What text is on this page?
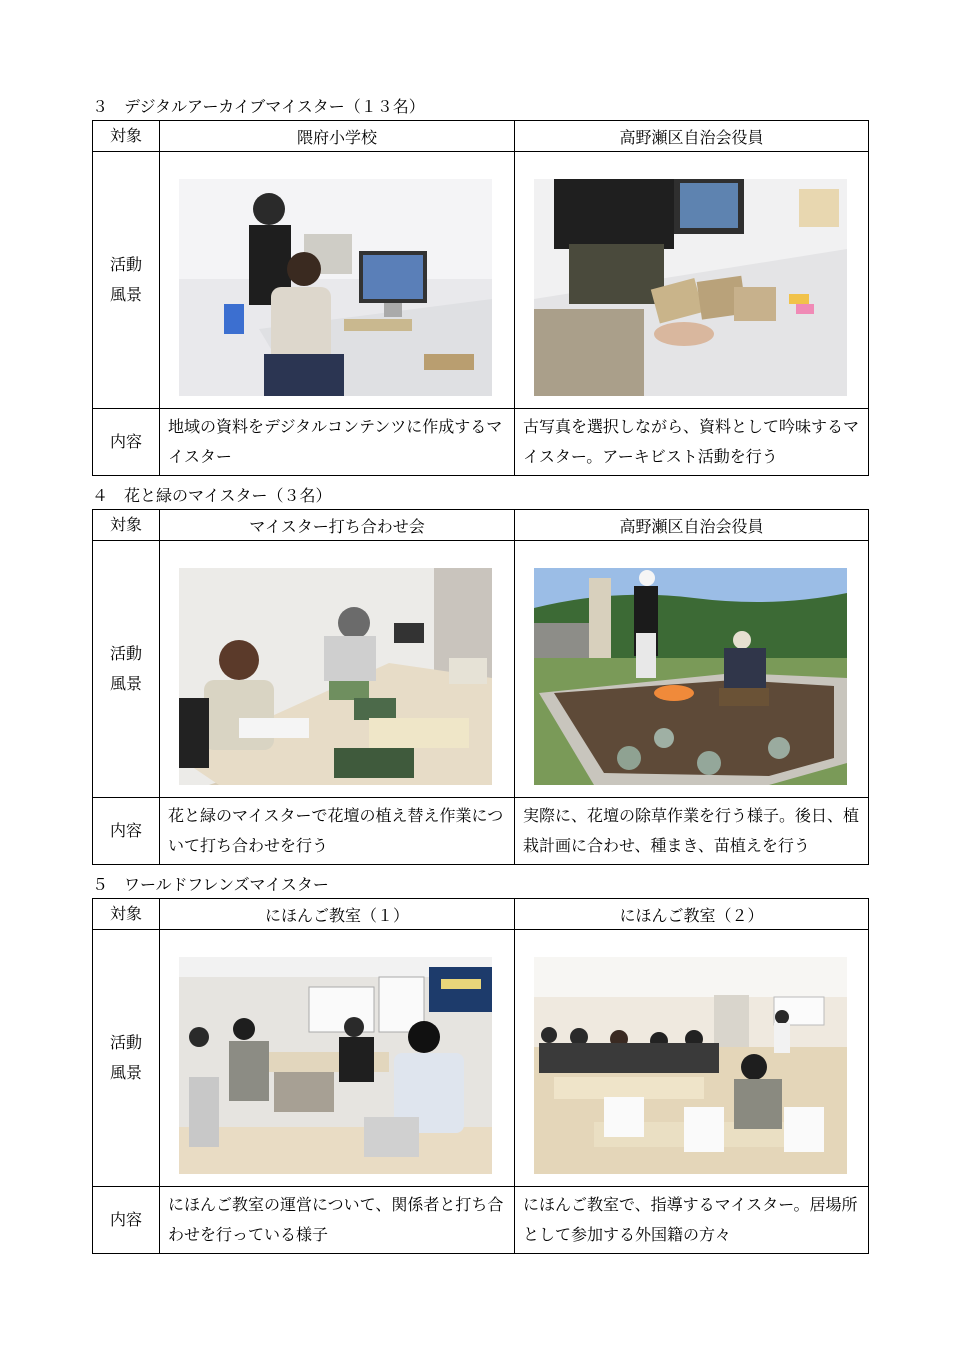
３　デジタルアーカイブマイスター（１３名）
対象	隈府小学校	高野瀬区自治会役員

活動
風景

内容	地域の資料をデジタルコンテンツに作成するマイスター	古写真を選択しながら、資料として吟味するマイスター。アーキビスト活動を行う
４　花と緑のマイスター（３名）
対象	マイスター打ち合わせ会	高野瀬区自治会役員

活動
風景

内容	花と緑のマイスターで花壇の植え替え作業について打ち合わせを行う	実際に、花壇の除草作業を行う様子。後日、植栽計画に合わせ、種まき、苗植えを行う
５　ワールドフレンズマイスター
対象	にほんご教室（１）	にほんご教室（２）

活動
風景

内容	にほんご教室の運営について、関係者と打ち合わせを行っている様子	にほんご教室で、指導するマイスター。居場所として参加する外国籍の方々
